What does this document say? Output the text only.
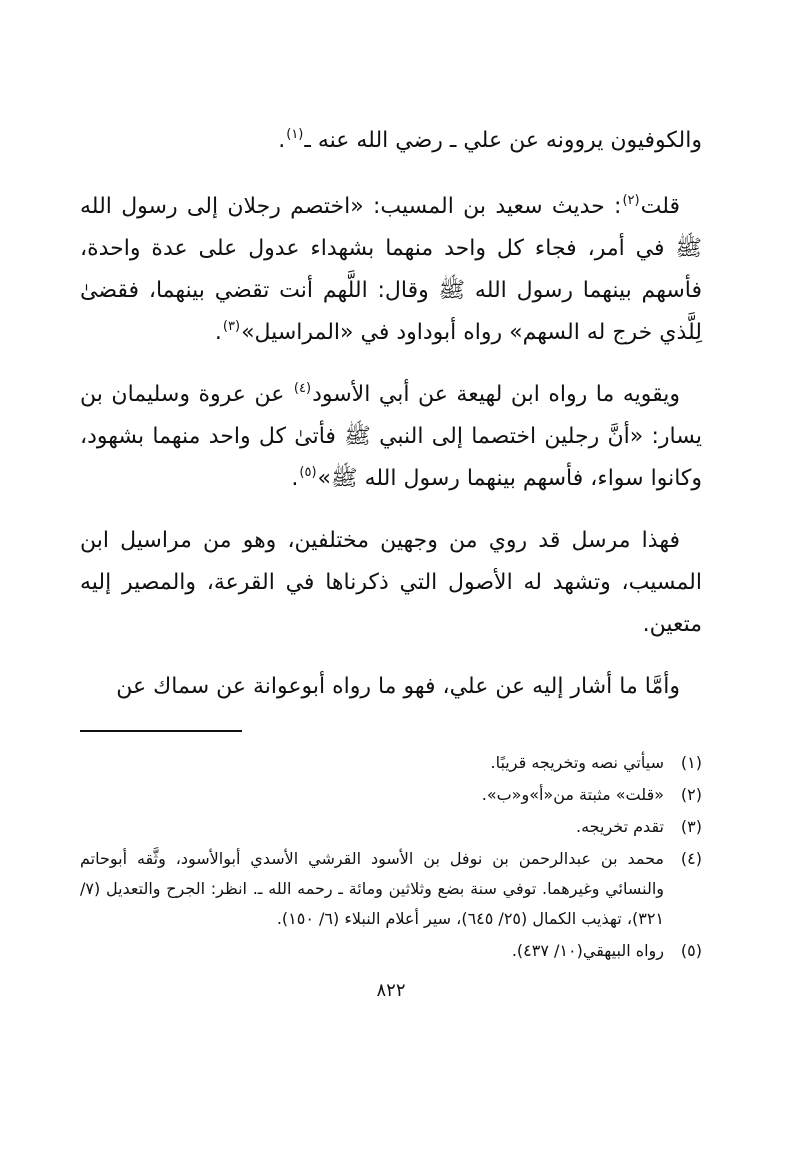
والكوفيون يروونه عن علي ـ رضي الله عنه ـ$^{(١)}$.

قلت$^{(٢)}$: حديث سعيد بن المسيب: «اختصم رجلان إلى رسول الله ﷺ في أمر، فجاء كل واحد منهما بشهداء عدول على عدة واحدة، فأسهم بينهما رسول الله ﷺ وقال: اللَّهم أنت تقضي بينهما، فقضىٰ لِلَّذي خرج له السهم» رواه أبوداود في «المراسيل»$^{(٣)}$.

ويقويه ما رواه ابن لهيعة عن أبي الأسود$^{(٤)}$ عن عروة وسليمان بن يسار: «أنَّ رجلين اختصما إلى النبي ﷺ فأتىٰ كل واحد منهما بشهود، وكانوا سواء، فأسهم بينهما رسول الله ﷺ»$^{(٥)}$.

فهذا مرسل قد روي من وجهين مختلفين، وهو من مراسيل ابن المسيب، وتشهد له الأصول التي ذكرناها في القرعة، والمصير إليه متعين.

وأمَّا ما أشار إليه عن علي، فهو ما رواه أبوعوانة عن سماك عن

(١)
سيأتي نصه وتخريجه قريبًا.
(٢)
«قلت» مثبتة من«أ»و«ب».
(٣)
تقدم تخريجه.
(٤)
محمد بن عبدالرحمن بن نوفل بن الأسود القرشي الأسدي أبوالأسود، وثَّقه أبوحاتم والنسائي وغيرهما. توفي سنة بضع وثلاثين ومائة ـ رحمه الله ـ. انظر: الجرح والتعديل (٧/ ٣٢١)، تهذيب الكمال (٢٥/ ٦٤٥)، سير أعلام النبلاء (٦/ ١٥٠).
(٥)
رواه البيهقي(١٠/ ٤٣٧).
٨٢٢
